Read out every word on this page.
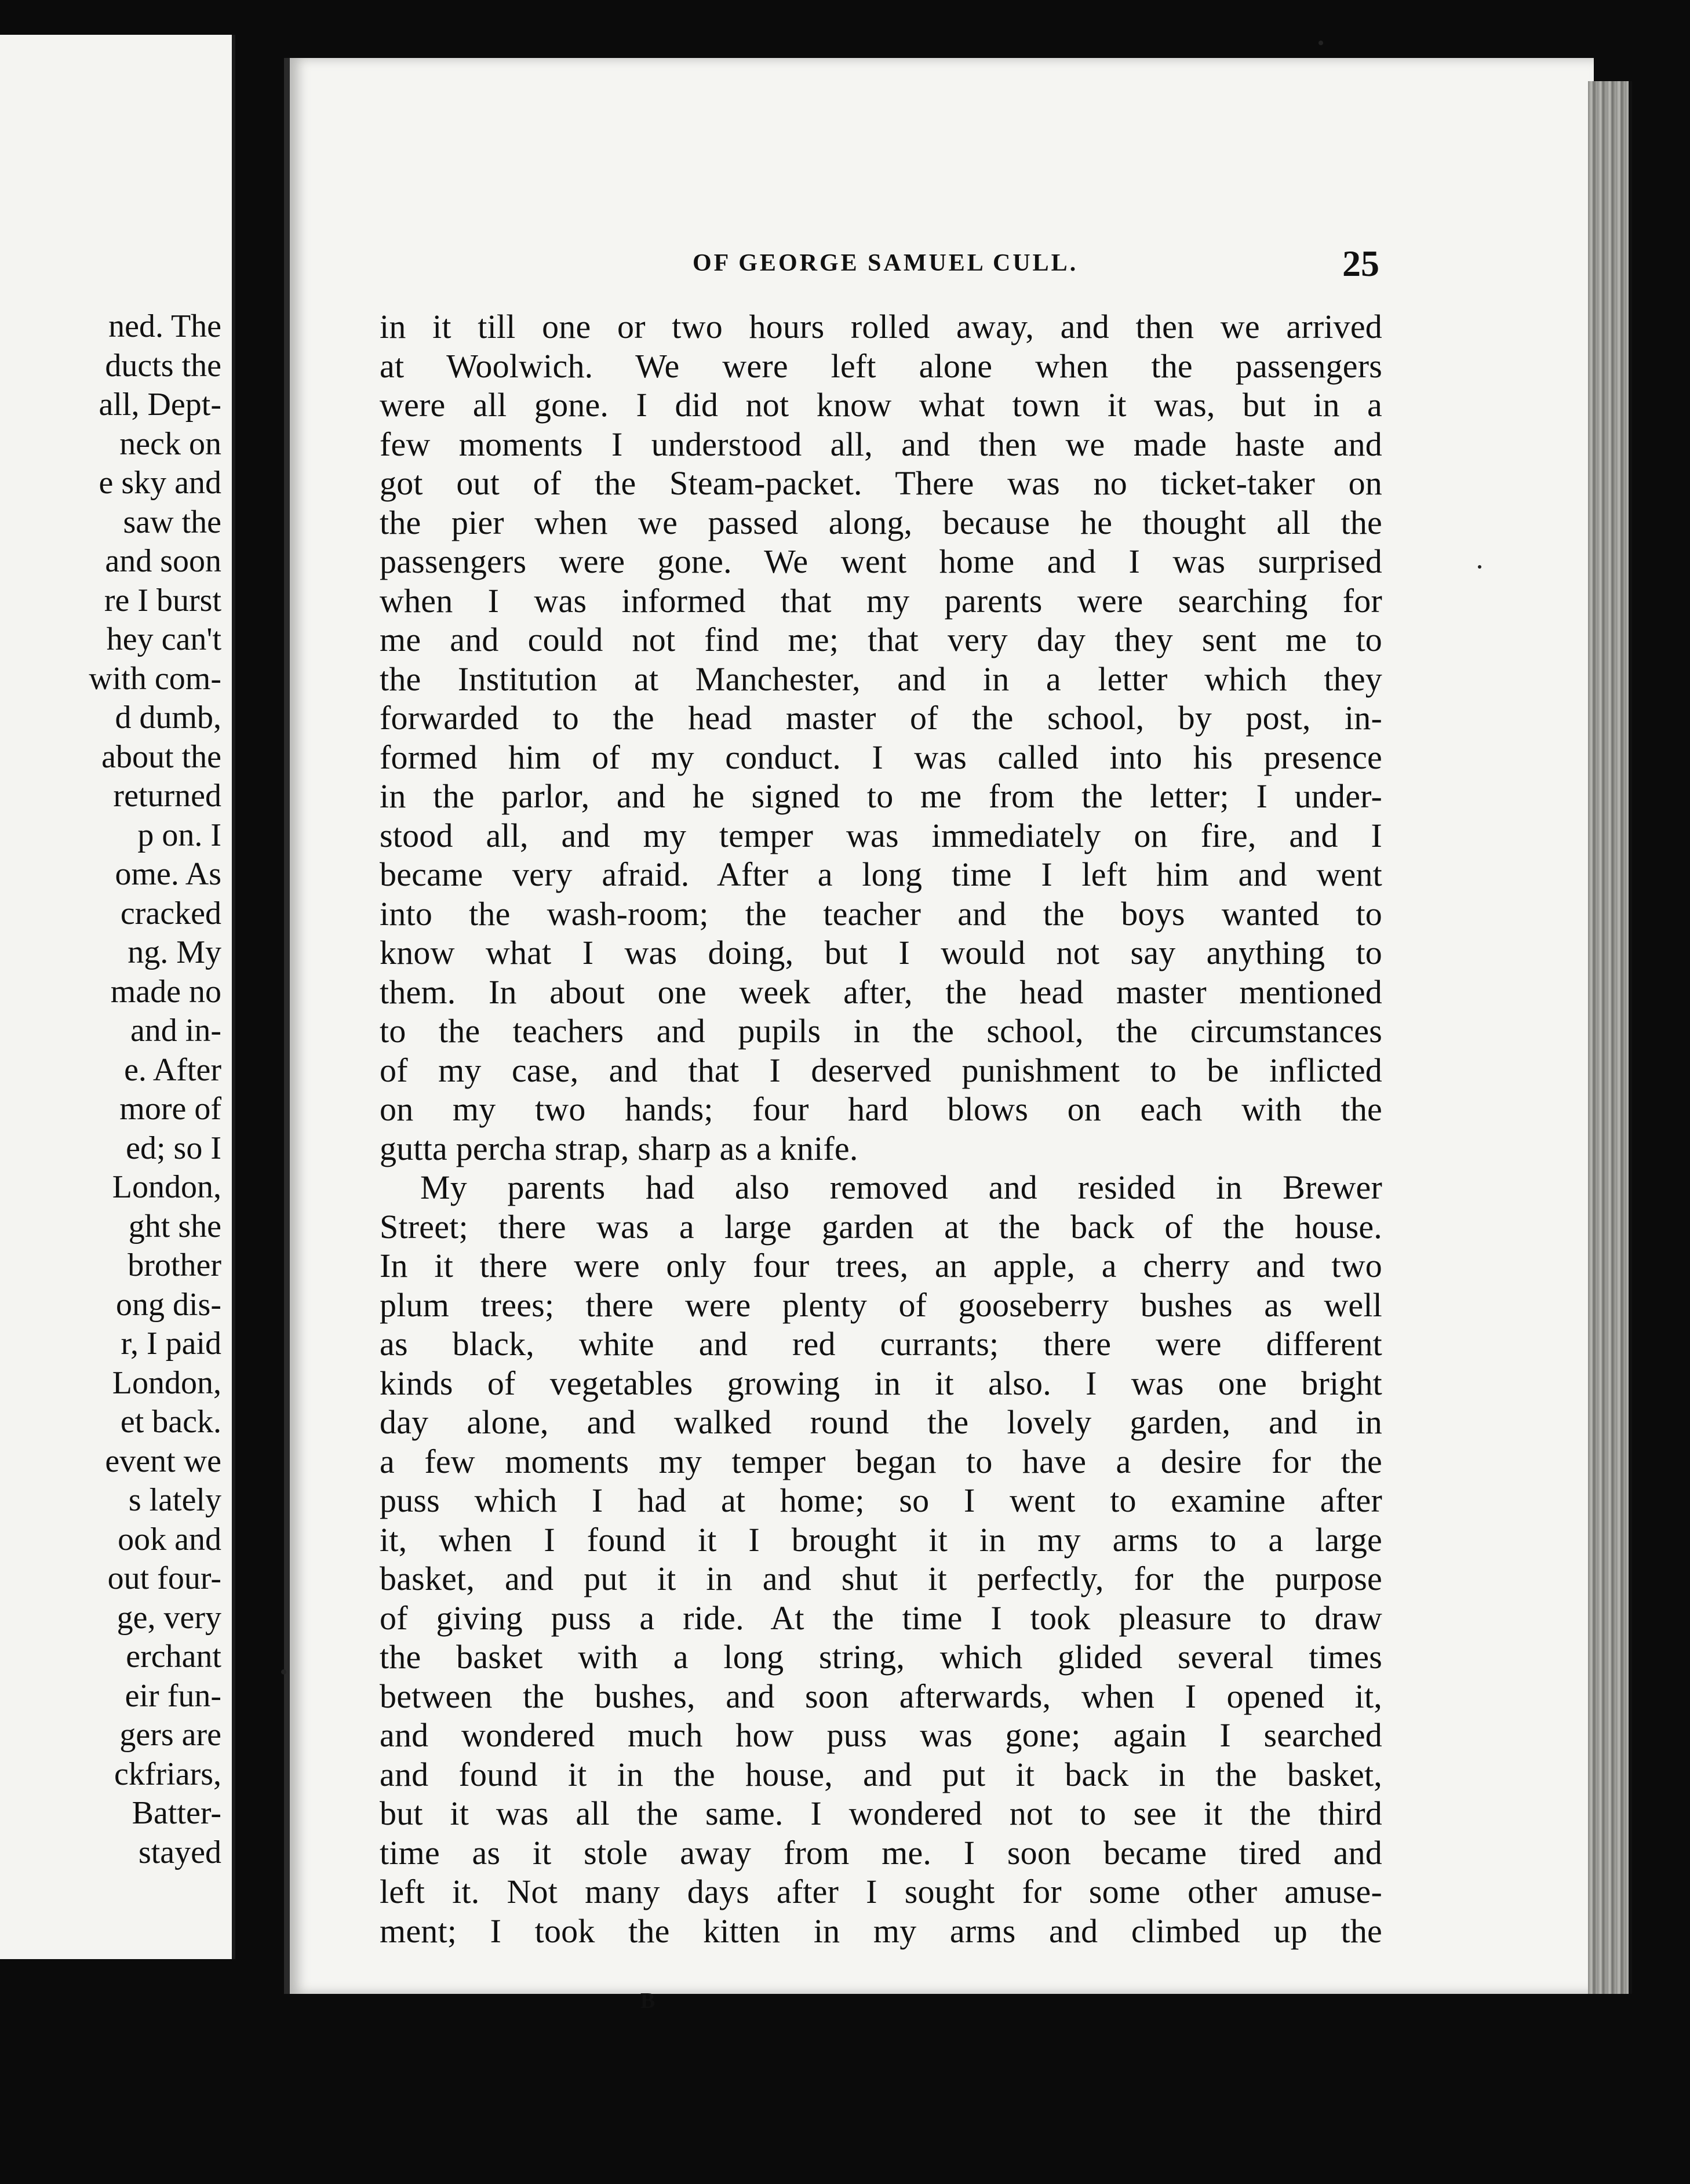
ned. The
ducts the
all, Dept-
neck on
e sky and
saw the
and soon
re I burst
hey can't
with com-
d dumb,
about the
returned
p on. I
ome. As
cracked
ng. My
made no
and in-
e. After
more of
ed; so I
London,
ght she
brother
ong dis-
r, I paid
London,
et back.
event we
s lately
ook and
out four-
ge, very
erchant
eir fun-
gers are
ckfriars,
Batter-
stayed
OF GEORGE SAMUEL CULL.	25
in it till one or two hours rolled away, and then we arrived
at Woolwich. We were left alone when the passengers
were all gone. I did not know what town it was, but in a
few moments I understood all, and then we made haste and
got out of the Steam-packet. There was no ticket-taker on
the pier when we passed along, because he thought all the
passengers were gone. We went home and I was surprised
when I was informed that my parents were searching for
me and could not find me; that very day they sent me to
the Institution at Manchester, and in a letter which they
forwarded to the head master of the school, by post, in-
formed him of my conduct. I was called into his presence
in the parlor, and he signed to me from the letter; I under-
stood all, and my temper was immediately on fire, and I
became very afraid. After a long time I left him and went
into the wash-room; the teacher and the boys wanted to
know what I was doing, but I would not say anything to
them. In about one week after, the head master mentioned
to the teachers and pupils in the school, the circumstances
of my case, and that I deserved punishment to be inflicted
on my two hands; four hard blows on each with the
gutta percha strap, sharp as a knife.
My parents had also removed and resided in Brewer
Street; there was a large garden at the back of the house.
In it there were only four trees, an apple, a cherry and two
plum trees; there were plenty of gooseberry bushes as well
as black, white and red currants; there were different
kinds of vegetables growing in it also. I was one bright
day alone, and walked round the lovely garden, and in
a few moments my temper began to have a desire for the
puss which I had at home; so I went to examine after
it, when I found it I brought it in my arms to a large
basket, and put it in and shut it perfectly, for the purpose
of giving puss a ride. At the time I took pleasure to draw
the basket with a long string, which glided several times
between the bushes, and soon afterwards, when I opened it,
and wondered much how puss was gone; again I searched
and found it in the house, and put it back in the basket,
but it was all the same. I wondered not to see it the third
time as it stole away from me. I soon became tired and
left it. Not many days after I sought for some other amuse-
ment; I took the kitten in my arms and climbed up the
B
